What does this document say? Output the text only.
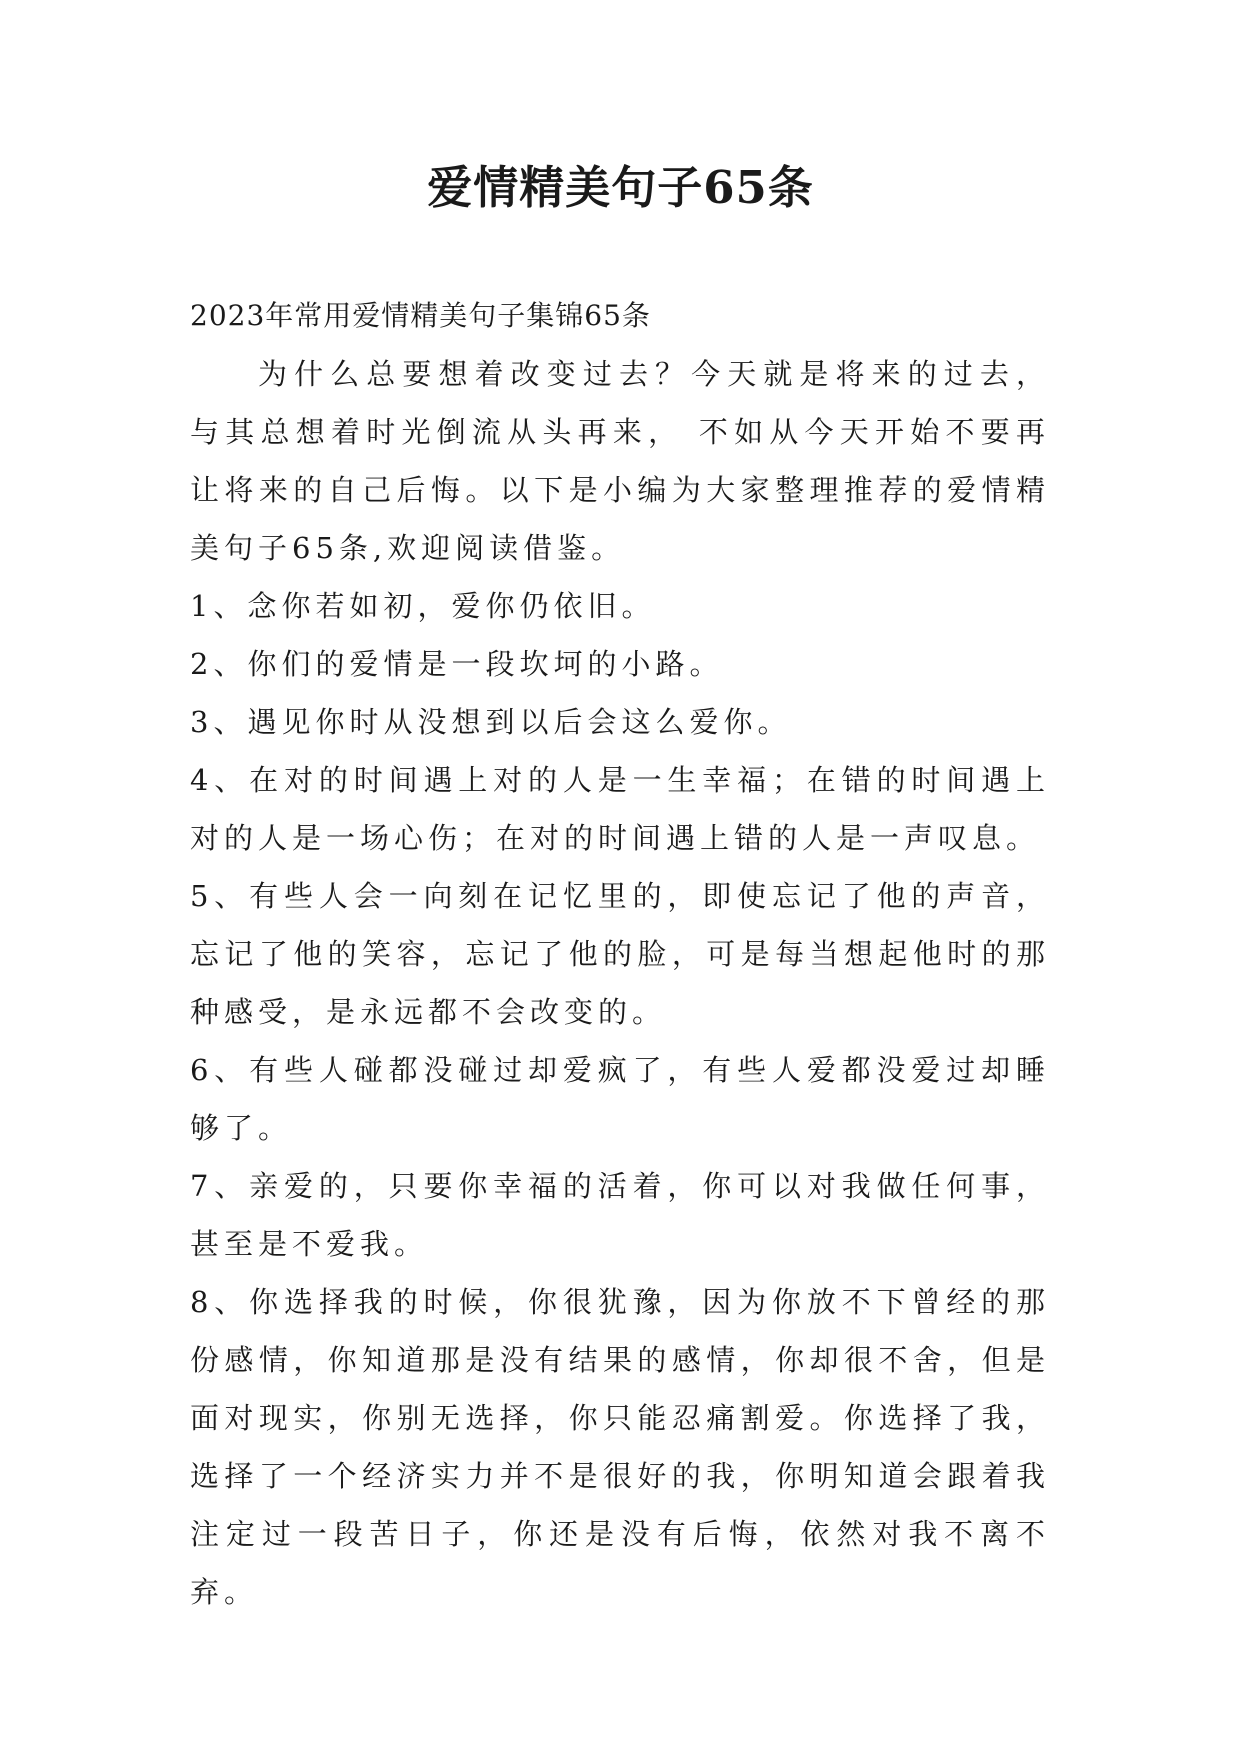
爱情精美句子65条

2023年常用爱情精美句子集锦65条

为什么总要想着改变过去？今天就是将来的过去， 与其总想着时光倒流从头再来， 不如从今天开始不要再让将来的自己后悔。以下是小编为大家整理推荐的爱情精美句子65条,欢迎阅读借鉴。

1、念你若如初，爱你仍依旧。

2、你们的爱情是一段坎坷的小路。

3、遇见你时从没想到以后会这么爱你。

4、在对的时间遇上对的人是一生幸福；在错的时间遇上对的人是一场心伤；在对的时间遇上错的人是一声叹息。

5、有些人会一向刻在记忆里的，即使忘记了他的声音，忘记了他的笑容，忘记了他的脸，可是每当想起他时的那种感受，是永远都不会改变的。

6、有些人碰都没碰过却爱疯了，有些人爱都没爱过却睡够了。

7、亲爱的，只要你幸福的活着，你可以对我做任何事，甚至是不爱我。

8、你选择我的时候，你很犹豫，因为你放不下曾经的那份感情，你知道那是没有结果的感情，你却很不舍，但是面对现实，你别无选择，你只能忍痛割爱。你选择了我，选择了一个经济实力并不是很好的我，你明知道会跟着我注定过一段苦日子，你还是没有后悔，依然对我不离不弃。
